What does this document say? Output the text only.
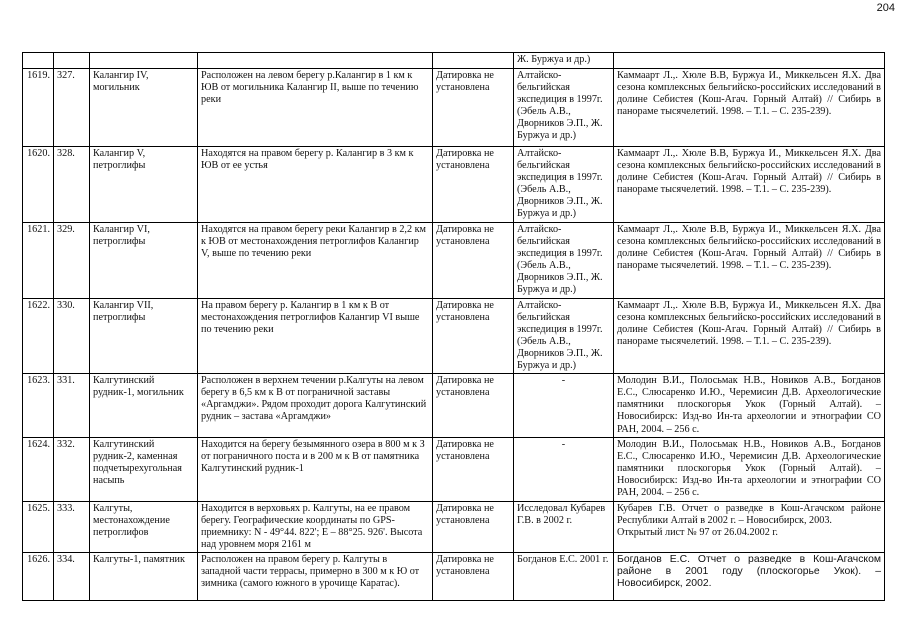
204
					Ж. Буржуа и др.)	
1619.	327.	Калангир IV, могильник	Расположен на левом берегу р.Калангир в 1 км к ЮВ от могильника Калангир II, выше по течению реки	Датировка не установлена	Алтайско-бельгийская экспедиция в 1997г. (Эбель А.В., Дворников Э.П., Ж. Буржуа и др.)	Каммаарт Л.,. Хюле В.В, Буржуа И., Миккельсен Я.Х. Два сезона комплексных бельгийско-российских исследований в долине Себистея (Кош-Агач. Горный Алтай) // Сибирь в панораме тысячелетий. 1998. – Т.1. – С. 235-239).
1620.	328.	Калангир V, петроглифы	Находятся на правом берегу р. Калангир в 3 км к ЮВ от ее устья	Датировка не установлена	Алтайско-бельгийская экспедиция в 1997г. (Эбель А.В., Дворников Э.П., Ж. Буржуа и др.)	Каммаарт Л.,. Хюле В.В, Буржуа И., Миккельсен Я.Х. Два сезона комплексных бельгийско-российских исследований в долине Себистея (Кош-Агач. Горный Алтай) // Сибирь в панораме тысячелетий. 1998. – Т.1. – С. 235-239).
1621.	329.	Калангир VI, петроглифы	Находятся на правом берегу реки Калангир в 2,2 км к ЮВ от местонахождения петроглифов Калангир V, выше по течению реки	Датировка не установлена	Алтайско-бельгийская экспедиция в 1997г. (Эбель А.В., Дворников Э.П., Ж. Буржуа и др.)	Каммаарт Л.,. Хюле В.В, Буржуа И., Миккельсен Я.Х. Два сезона комплексных бельгийско-российских исследований в долине Себистея (Кош-Агач. Горный Алтай) // Сибирь в панораме тысячелетий. 1998. – Т.1. – С. 235-239).
1622.	330.	Калангир VII, петроглифы	На правом берегу р. Калангир в 1 км к В от местонахождения петроглифов Калангир VI выше по течению реки	Датировка не установлена	Алтайско-бельгийская экспедиция в 1997г. (Эбель А.В., Дворников Э.П., Ж. Буржуа и др.)	Каммаарт Л.,. Хюле В.В, Буржуа И., Миккельсен Я.Х. Два сезона комплексных бельгийско-российских исследований в долине Себистея (Кош-Агач. Горный Алтай) // Сибирь в панораме тысячелетий. 1998. – Т.1. – С. 235-239).
1623.	331.	Калгутинский рудник-1, могильник	Расположен в верхнем течении р.Калгуты на левом берегу в 6,5 км к В от пограничной заставы «Аргамджи». Рядом проходит дорога Калгутинский рудник – застава «Аргамджи»	Датировка не установлена	-	Молодин В.И., Полосьмак Н.В., Новиков А.В., Богданов Е.С., Слюсаренко И.Ю., Черемисин Д.В. Археологические памятники плоскогорья Укок (Горный Алтай). – Новосибирск: Изд-во Ин-та археологии и этнографии СО РАН, 2004. – 256 с.
1624.	332.	Калгутинский рудник-2, каменная подчетырехугольная насыпь	Находится на берегу безымянного озера в 800 м к З от пограничного поста и в 200 м к В от памятника Калгутинский рудник-1	Датировка не установлена	-	Молодин В.И., Полосьмак Н.В., Новиков А.В., Богданов Е.С., Слюсаренко И.Ю., Черемисин Д.В. Археологические памятники плоскогорья Укок (Горный Алтай). – Новосибирск: Изд-во Ин-та археологии и этнографии СО РАН, 2004. – 256 с.
1625.	333.	Калгуты, местонахождение петроглифов	Находится в верховьях р. Калгуты, на ее правом берегу. Географические координаты по GPS-приемнику: N - 49°44. 822'; E – 88°25. 926'. Высота над уровнем моря 2161 м	Датировка не установлена	Исследовал Кубарев Г.В. в 2002 г.	Кубарев Г.В. Отчет о разведке в Кош-Агачском районе Республики Алтай в 2002 г. – Новосибирск, 2003.
Открытый лист № 97 от 26.04.2002 г.

1626.	334.	Калгуты-1, памятник	Расположен на правом берегу р. Калгуты в западной части террасы, примерно в 300 м к Ю от зимника (самого южного в урочище Каратас).	Датировка не установлена	Богданов Е.С. 2001 г.	Богданов Е.С. Отчет о разведке в Кош-Агачском районе в 2001 году (плоскогорье Укок). – Новосибирск, 2002.
